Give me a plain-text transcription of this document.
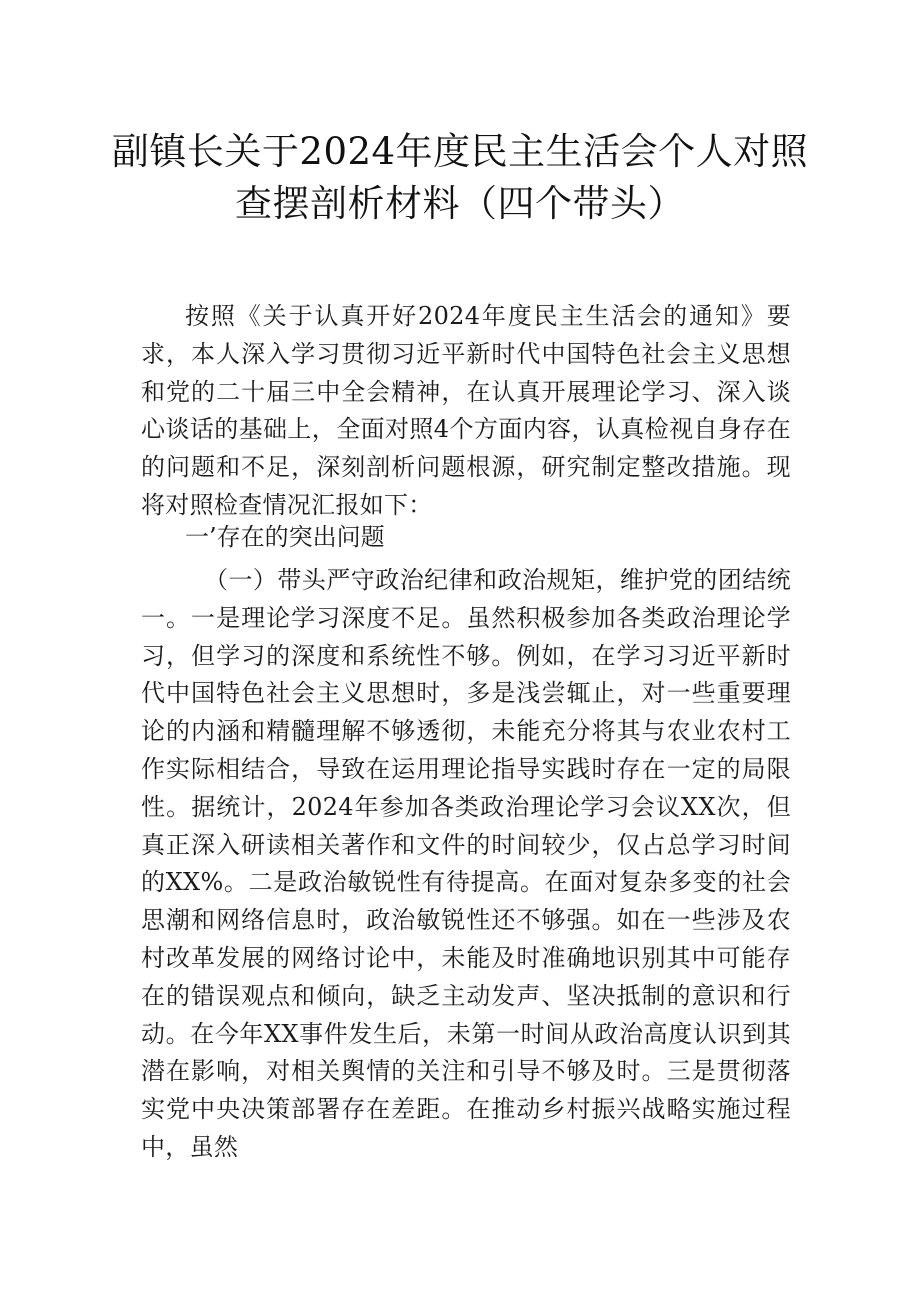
副镇长关于2024年度民主生活会个人对照
查摆剖析材料（四个带头）
按照《关于认真开好2024年度民主生活会的通知》要求，本人深入学习贯彻习近平新时代中国特色社会主义思想和党的二十届三中全会精神，在认真开展理论学习、深入谈心谈话的基础上，全面对照4个方面内容，认真检视自身存在的问题和不足，深刻剖析问题根源，研究制定整改措施。现将对照检查情况汇报如下：
一’存在的突出问题
（一）带头严守政治纪律和政治规矩，维护党的团结统一。一是理论学习深度不足。虽然积极参加各类政治理论学习，但学习的深度和系统性不够。例如，在学习习近平新时代中国特色社会主义思想时，多是浅尝辄止，对一些重要理论的内涵和精髓理解不够透彻，未能充分将其与农业农村工作实际相结合，导致在运用理论指导实践时存在一定的局限性。据统计，2024年参加各类政治理论学习会议XX次，但真正深入研读相关著作和文件的时间较少，仅占总学习时间的XX%。二是政治敏锐性有待提高。在面对复杂多变的社会思潮和网络信息时，政治敏锐性还不够强。如在一些涉及农村改革发展的网络讨论中，未能及时准确地识别其中可能存在的错误观点和倾向，缺乏主动发声、坚决抵制的意识和行动。在今年XX事件发生后，未第一时间从政治高度认识到其潜在影响，对相关舆情的关注和引导不够及时。三是贯彻落实党中央决策部署存在差距。在推动乡村振兴战略实施过程中，虽然
